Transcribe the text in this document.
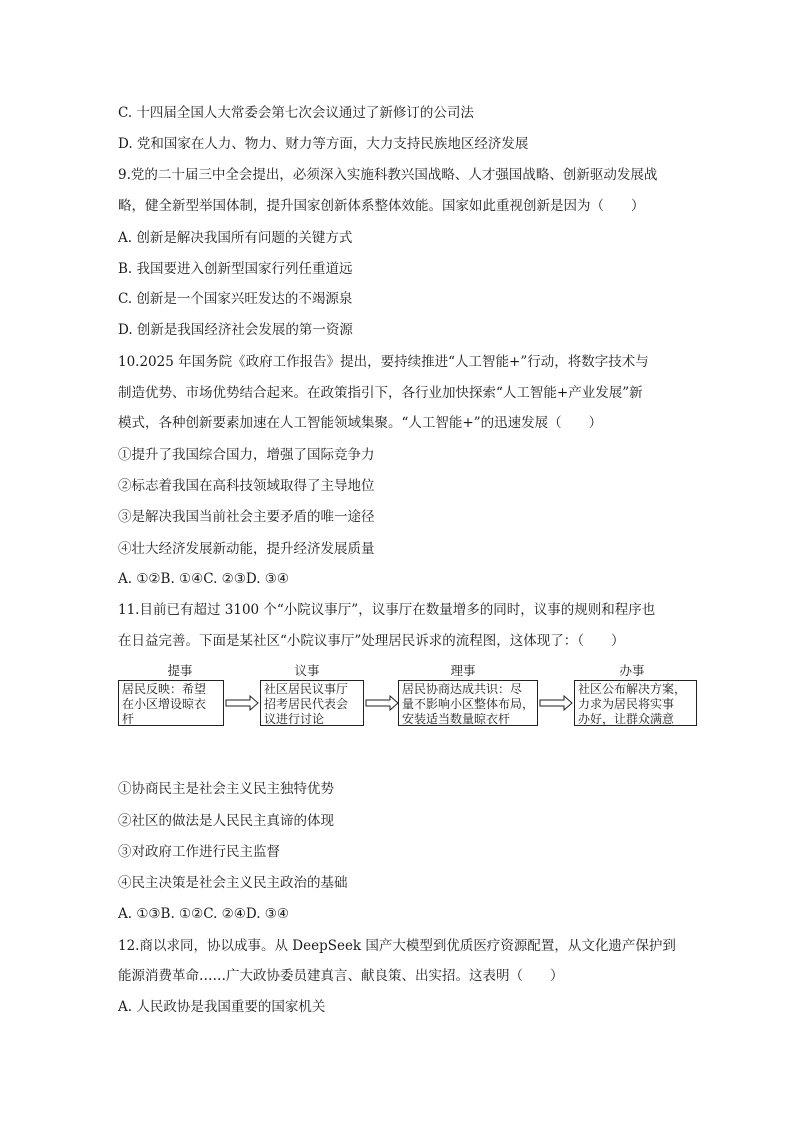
C. 十四届全国人大常委会第七次会议通过了新修订的公司法
D. 党和国家在人力、物力、财力等方面，大力支持民族地区经济发展
9.党的二十届三中全会提出，必须深入实施科教兴国战略、人才强国战略、创新驱动发展战
略，健全新型举国体制，提升国家创新体系整体效能。国家如此重视创新是因为（　　）
A. 创新是解决我国所有问题的关键方式
B. 我国要进入创新型国家行列任重道远
C. 创新是一个国家兴旺发达的不竭源泉
D. 创新是我国经济社会发展的第一资源
10.2025 年国务院《政府工作报告》提出，要持续推进“人工智能+”行动，将数字技术与
制造优势、市场优势结合起来。在政策指引下，各行业加快探索“人工智能+产业发展”新
模式，各种创新要素加速在人工智能领域集聚。“人工智能+”的迅速发展（　　）
①提升了我国综合国力，增强了国际竞争力
②标志着我国在高科技领域取得了主导地位
③是解决我国当前社会主要矛盾的唯一途径
④壮大经济发展新动能，提升经济发展质量
A. ①②B. ①④C. ②③D. ③④
11.目前已有超过 3100 个“小院议事厅”，议事厅在数量增多的同时，议事的规则和程序也
在日益完善。下面是某社区“小院议事厅”处理居民诉求的流程图，这体现了：（　　）
提事
居民反映：希望
在小区增设晾衣
杆
议事
社区居民议事厅
招考居民代表会
议进行讨论
理事
居民协商达成共识：尽
量不影响小区整体布局，
安装适当数量晾衣杆
办事
社区公布解决方案，
力求为居民将实事
办好，让群众满意
①协商民主是社会主义民主独特优势
②社区的做法是人民民主真谛的体现
③对政府工作进行民主监督
④民主决策是社会主义民主政治的基础
A. ①③B. ①②C. ②④D. ③④
12.商以求同，协以成事。从 DeepSeek 国产大模型到优质医疗资源配置，从文化遗产保护到
能源消费革命……广大政协委员建真言、献良策、出实招。这表明（　　）
A. 人民政协是我国重要的国家机关
